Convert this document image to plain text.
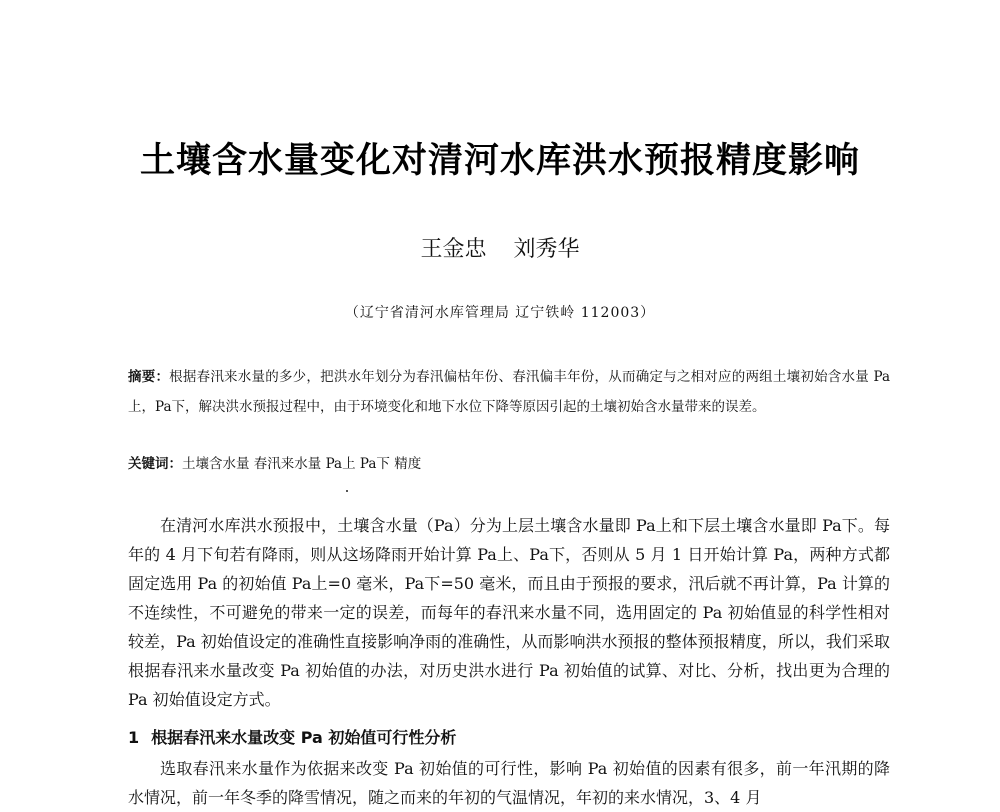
土壤含水量变化对清河水库洪水预报精度影响
王金忠 刘秀华
（辽宁省清河水库管理局 辽宁铁岭 112003）
摘要：根据春汛来水量的多少，把洪水年划分为春汛偏枯年份、春汛偏丰年份，从而确定与之相对应的两组土壤初始含水量 Pa上，Pa下，解决洪水预报过程中，由于环境变化和地下水位下降等原因引起的土壤初始含水量带来的误差。
关键词：土壤含水量 春汛来水量 Pa上 Pa下 精度

在清河水库洪水预报中，土壤含水量（Pa）分为上层土壤含水量即 Pa上和下层土壤含水量即 Pa下。每年的 4 月下旬若有降雨，则从这场降雨开始计算 Pa上、Pa下，否则从 5 月 1 日开始计算 Pa，两种方式都固定选用 Pa 的初始值 Pa上=0 毫米，Pa下=50 毫米，而且由于预报的要求，汛后就不再计算，Pa 计算的不连续性，不可避免的带来一定的误差，而每年的春汛来水量不同，选用固定的 Pa 初始值显的科学性相对较差，Pa 初始值设定的准确性直接影响净雨的准确性，从而影响洪水预报的整体预报精度，所以，我们采取根据春汛来水量改变 Pa 初始值的办法，对历史洪水进行 Pa 初始值的试算、对比、分析，找出更为合理的 Pa 初始值设定方式。

1 根据春汛来水量改变 Pa 初始值可行性分析

选取春汛来水量作为依据来改变 Pa 初始值的可行性，影响 Pa 初始值的因素有很多，前一年汛期的降水情况，前一年冬季的降雪情况，随之而来的年初的气温情况，年初的来水情况，3、4 月
